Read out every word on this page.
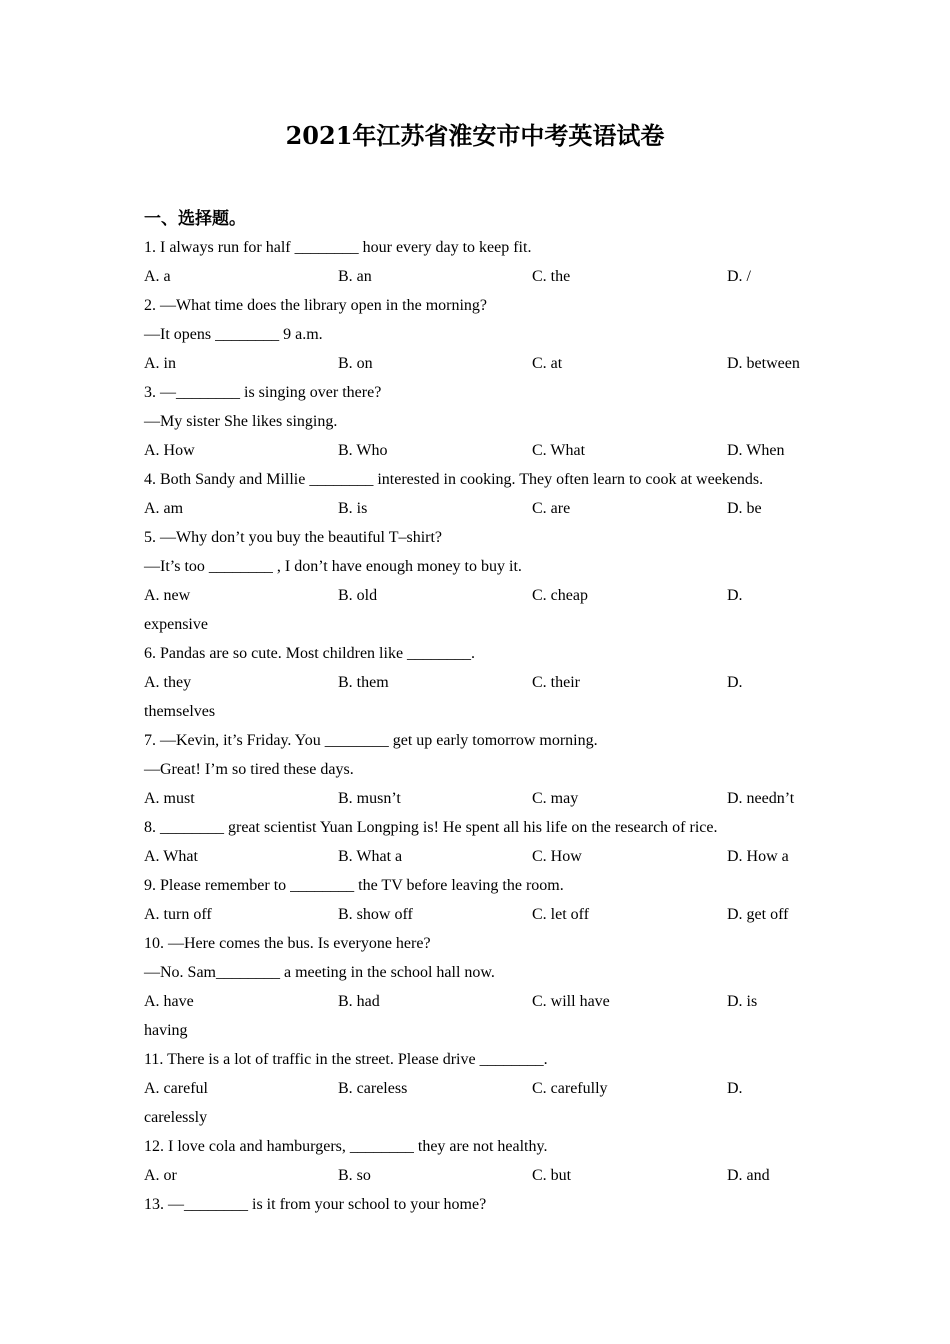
2021年江苏省淮安市中考英语试卷
一、选择题。
1. I always run for half ________ hour every day to keep fit.
A. a	B. an	C. the	D. /
2. —What time does the library open in the morning?
—It opens ________ 9 a.m.
A. in	B. on	C. at	D. between
3. —________ is singing over there?
—My sister She likes singing.
A. How	B. Who	C. What	D. When
4. Both Sandy and Millie ________ interested in cooking. They often learn to cook at weekends.
A. am	B. is	C. are	D. be
5. —Why don’t you buy the beautiful T–shirt?
—It’s too ________ , I don’t have enough money to buy it.
A. new	B. old	C. cheap	D.
expensive
6. Pandas are so cute. Most children like ________.
A. they	B. them	C. their	D.
themselves
7. —Kevin, it’s Friday. You ________ get up early tomorrow morning.
—Great! I’m so tired these days.
A. must	B. musn’t	C. may	D. needn’t
8. ________ great scientist Yuan Longping is! He spent all his life on the research of rice.
A. What	B. What a	C. How	D. How a
9. Please remember to ________ the TV before leaving the room.
A. turn off	B. show off	C. let off	D. get off
10. —Here comes the bus. Is everyone here?
—No. Sam________ a meeting in the school hall now.
A. have	B. had	C. will have	D. is
having
11. There is a lot of traffic in the street. Please drive ________.
A. careful	B. careless	C. carefully	D.
carelessly
12. I love cola and hamburgers, ________ they are not healthy.
A. or	B. so	C. but	D. and
13. —________ is it from your school to your home?
